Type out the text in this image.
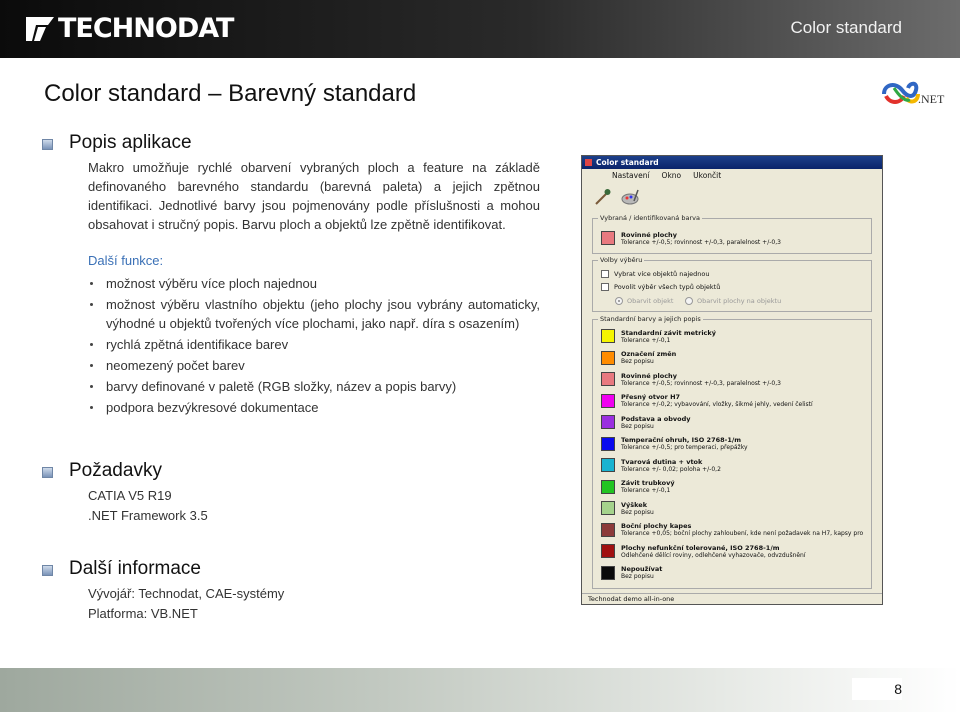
TECHNODAT	Color standard
Color standard – Barevný standard	.NET
Popis aplikace

Makro umožňuje rychlé obarvení vybraných ploch a feature na základě definovaného barevného standardu (barevná paleta) a jejich zpětnou identifikaci. Jednotlivé barvy jsou pojmenovány podle příslušnosti a mohou obsahovat i stručný popis. Barvu ploch a objektů lze zpětně identifikovat.

Další funkce:
možnost výběru více ploch najednou
možnost výběru vlastního objektu (jeho plochy jsou vybrány automaticky, výhodné u objektů tvořených více plochami, jako např. díra s osazením)
rychlá zpětná identifikace barev
neomezený počet barev
barvy definované v paletě (RGB složky, název a popis barvy)
podpora bezvýkresové dokumentace
Požadavky
CATIA V5 R19
.NET Framework 3.5
Další informace
Vývojář: Technodat, CAE-systémy
Platforma: VB.NET
Color standard
Nastavení Okno Ukončit
Vybraná / identifikovaná barva
Rovinné plochy
Tolerance +/-0,5; rovinnost +/-0,3, paralelnost +/-0,3
Volby výběru
Vybrat více objektů najednou
Povolit výběr všech typů objektů
Obarvit objekt	Obarvit plochy na objektu
Standardní barvy a jejich popis
Standardní závit metrický
Tolerance +/-0,1
Označení změn
Bez popisu
Rovinné plochy
Tolerance +/-0,5; rovinnost +/-0,3, paralelnost +/-0,3
Přesný otvor H7
Tolerance +/-0,2; vybavování, vložky, šikmé jehly, vedení čelistí
Podstava a obvody
Bez popisu
Temperační ohruh, ISO 2768-1/m
Tolerance +/-0,5; pro temperaci, přepážky
Tvarová dutina + vtok
Tolerance +/- 0,02; poloha +/-0,2
Závit trubkový
Tolerance +/-0,1
Výškek
Bez popisu
Boční plochy kapes
Tolerance +0,05; boční plochy zahloubení, kde není požadavek na H7, kapsy pro
Plochy nefunkční tolerované, ISO 2768-1/m
Odlehčené dělící roviny, odlehčené vyhazovače, odvzdušnění
Nepoužívat
Bez popisu
Technodat demo all-in-one
8
